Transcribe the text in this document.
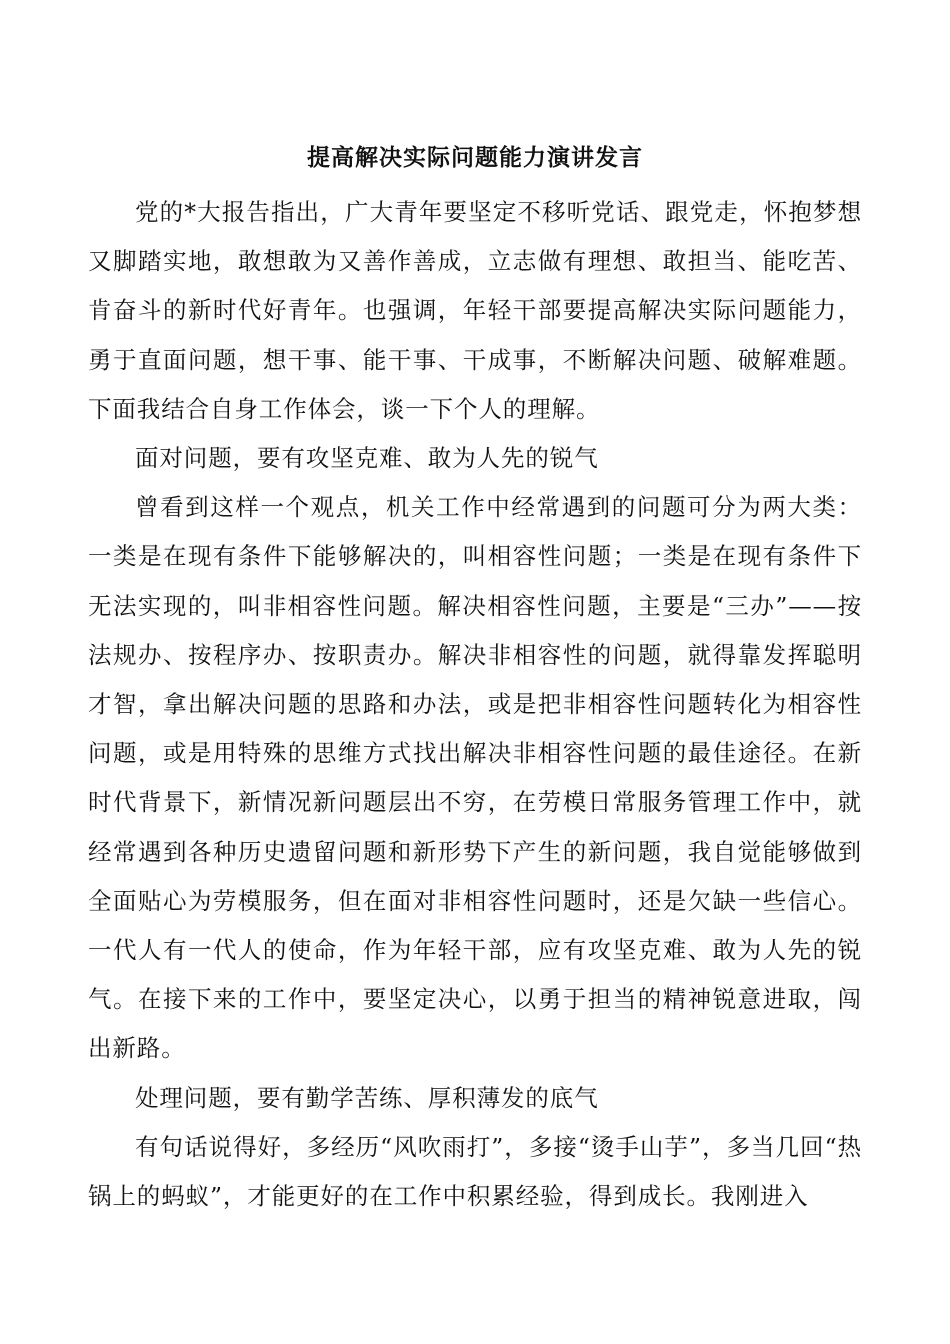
提高解决实际问题能力演讲发言

党的*大报告指出，广大青年要坚定不移听党话、跟党走，怀抱梦想又脚踏实地，敢想敢为又善作善成，立志做有理想、敢担当、能吃苦、肯奋斗的新时代好青年。也强调，年轻干部要提高解决实际问题能力，勇于直面问题，想干事、能干事、干成事，不断解决问题、破解难题。下面我结合自身工作体会，谈一下个人的理解。

面对问题，要有攻坚克难、敢为人先的锐气

曾看到这样一个观点，机关工作中经常遇到的问题可分为两大类：一类是在现有条件下能够解决的，叫相容性问题；一类是在现有条件下无法实现的，叫非相容性问题。解决相容性问题，主要是“三办”——按法规办、按程序办、按职责办。解决非相容性的问题，就得靠发挥聪明才智，拿出解决问题的思路和办法，或是把非相容性问题转化为相容性问题，或是用特殊的思维方式找出解决非相容性问题的最佳途径。在新时代背景下，新情况新问题层出不穷，在劳模日常服务管理工作中，就经常遇到各种历史遗留问题和新形势下产生的新问题，我自觉能够做到全面贴心为劳模服务，但在面对非相容性问题时，还是欠缺一些信心。一代人有一代人的使命，作为年轻干部，应有攻坚克难、敢为人先的锐气。在接下来的工作中，要坚定决心，以勇于担当的精神锐意进取，闯出新路。

处理问题，要有勤学苦练、厚积薄发的底气

有句话说得好，多经历“风吹雨打”，多接“烫手山芋”，多当几回“热锅上的蚂蚁”，才能更好的在工作中积累经验，得到成长。我刚进入
